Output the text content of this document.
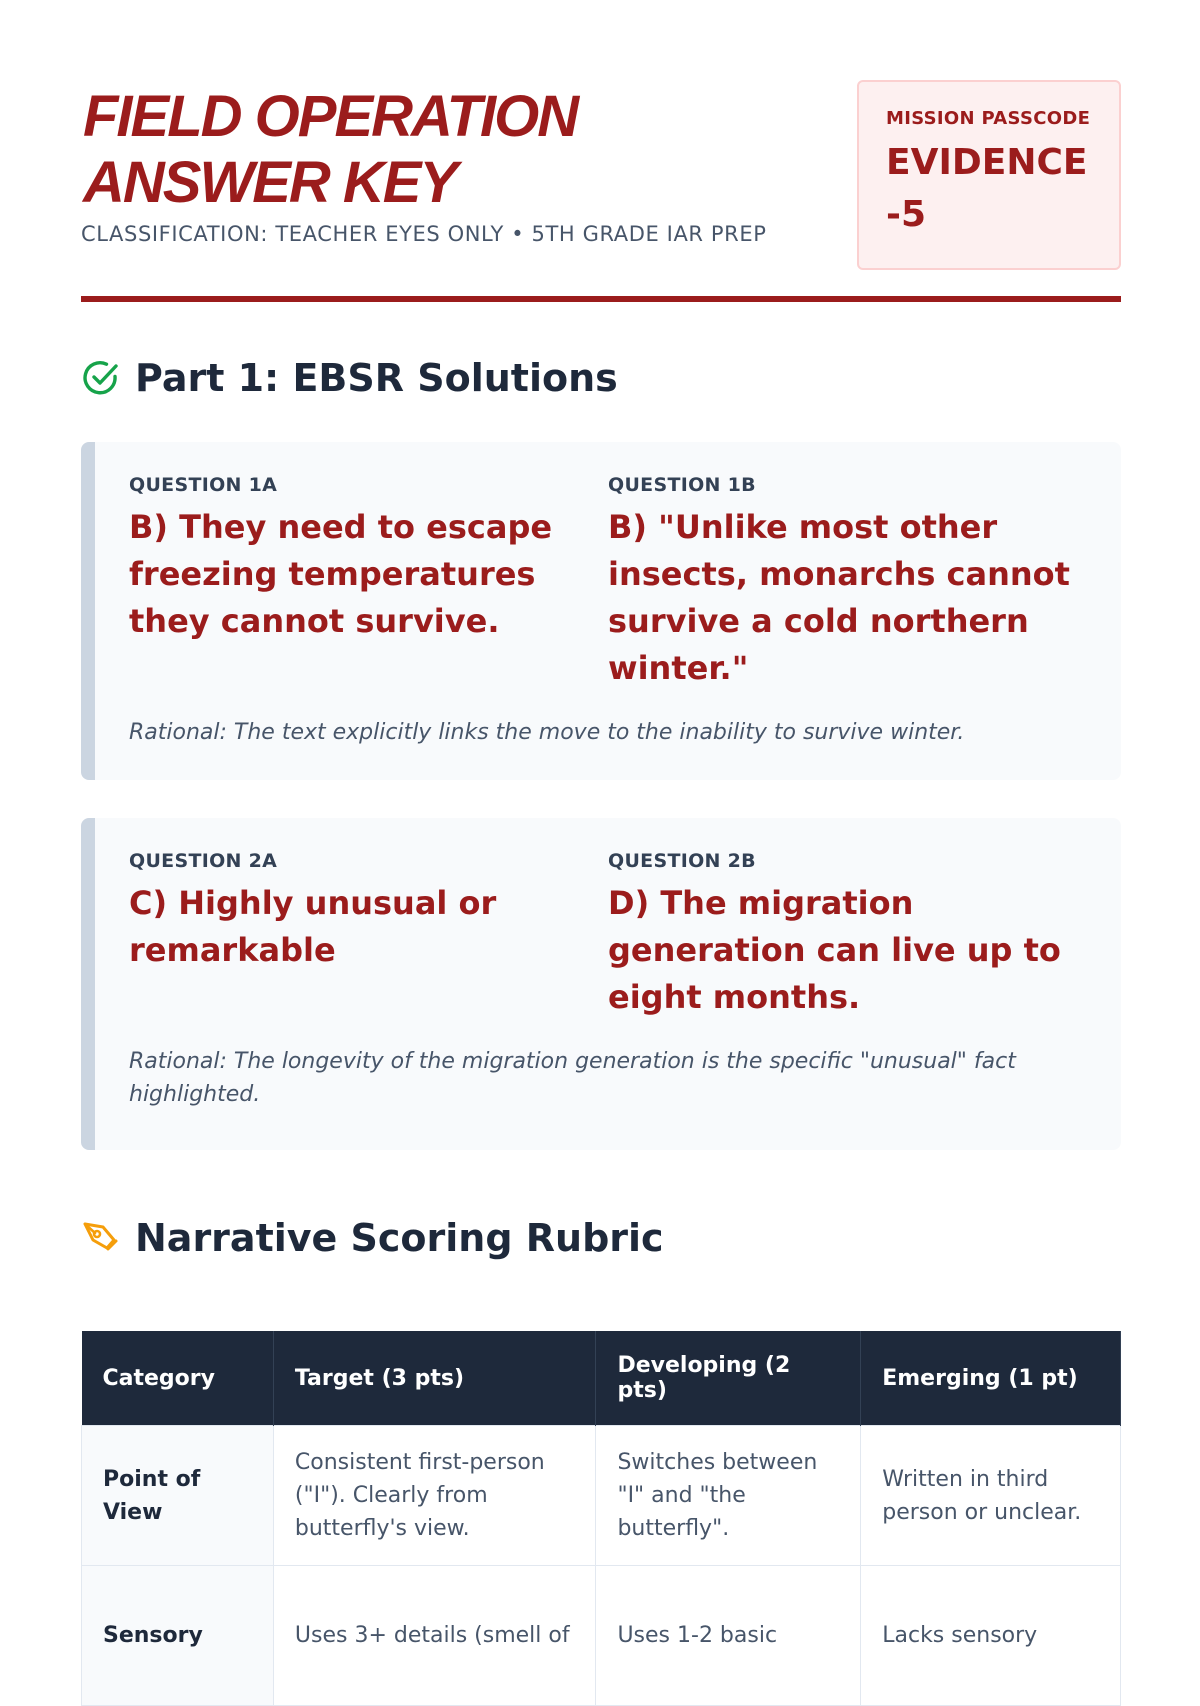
FIELD OPERATION
ANSWER KEY
CLASSIFICATION: TEACHER EYES ONLY • 5TH GRADE IAR PREP
MISSION PASSCODE
EVIDENCE-5
Part 1: EBSR Solutions
QUESTION 1A
B) They need to escape freezing temperatures they cannot survive.
QUESTION 1B
B) "Unlike most other insects, monarchs cannot survive a cold northern winter."
Rational: The text explicitly links the move to the inability to survive winter.
QUESTION 2A
C) Highly unusual or remarkable
QUESTION 2B
D) The migration generation can live up to eight months.
Rational: The longevity of the migration generation is the specific "unusual" fact highlighted.
Narrative Scoring Rubric
Category	Target (3 pts)	Developing (2 pts)	Emerging (1 pt)
Point of View	Consistent first-person ("I"). Clearly from butterfly's view.	Switches between "I" and "the butterfly".	Written in third person or unclear.
Sensory	Uses 3+ details (smell of	Uses 1-2 basic	Lacks sensory
